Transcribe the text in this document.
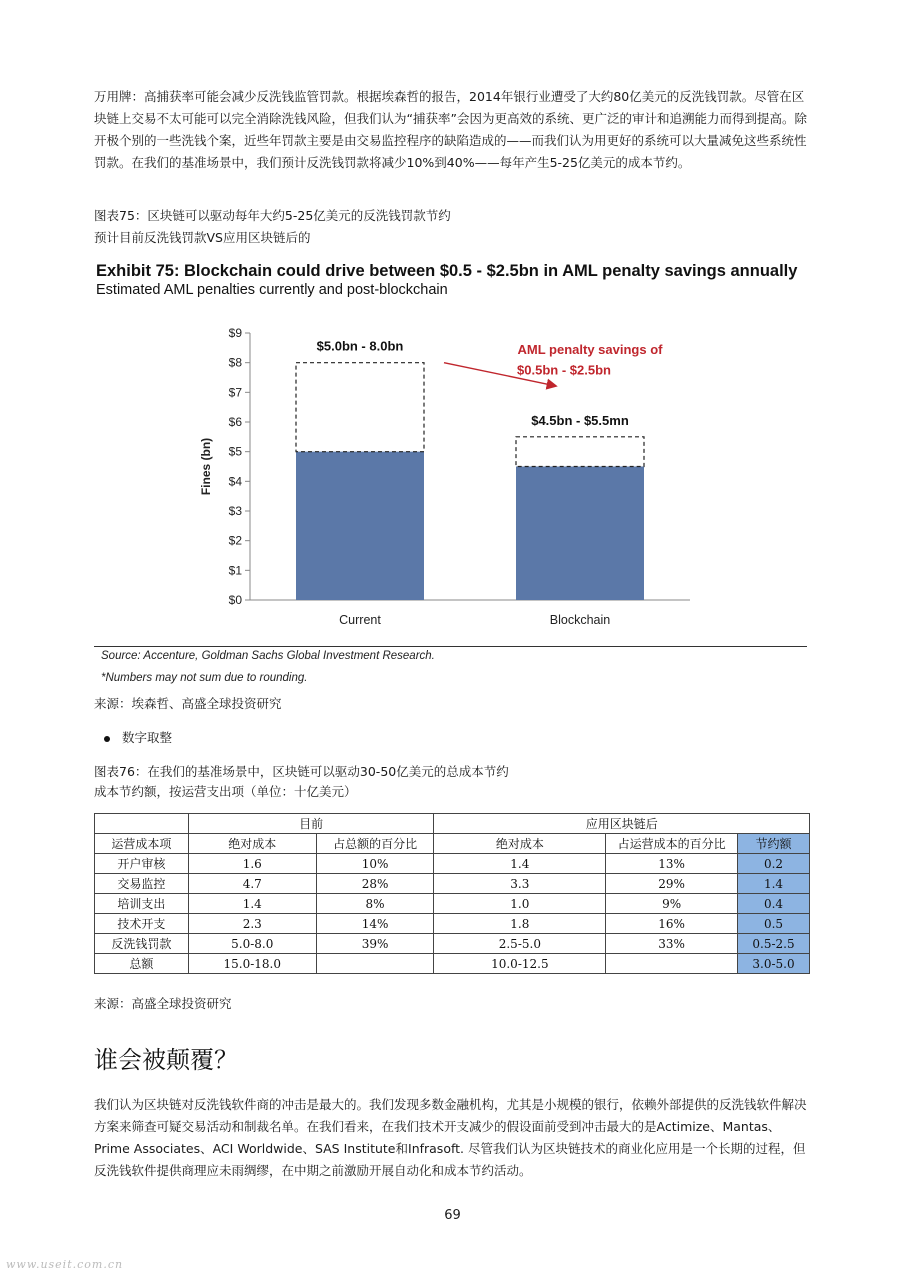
万用牌：高捕获率可能会减少反洗钱监管罚款。根据埃森哲的报告，2014年银行业遭受了大约80亿美元的反洗钱罚款。尽管在区块链上交易不太可能可以完全消除洗钱风险，但我们认为“捕获率”会因为更高效的系统、更广泛的审计和追溯能力而得到提高。除开极个别的一些洗钱个案，近些年罚款主要是由交易监控程序的缺陷造成的——而我们认为用更好的系统可以大量减免这些系统性罚款。在我们的基准场景中，我们预计反洗钱罚款将减少10%到40%——每年产生5-25亿美元的成本节约。
图表75：区块链可以驱动每年大约5-25亿美元的反洗钱罚款节约
预计目前反洗钱罚款VS应用区块链后的
Exhibit 75: Blockchain could drive between $0.5 - $2.5bn in AML penalty savings annually
Estimated AML penalties currently and post-blockchain
$0
$1
$2
$3
$4
$5
$6
$7
$8
$9
Fines (bn)
Current
$5.0bn - 8.0bn
Blockchain
$4.5bn - $5.5mn
AML penalty savings of
$0.5bn - $2.5bn
Source: Accenture, Goldman Sachs Global Investment Research.
*Numbers may not sum due to rounding.
来源：埃森哲、高盛全球投资研究
数字取整
图表76：在我们的基准场景中，区块链可以驱动30-50亿美元的总成本节约
成本节约额，按运营支出项（单位：十亿美元）
	目前		应用区块链后		
运营成本项	绝对成本	占总额的百分比	绝对成本	占运营成本的百分比	节约额
开户审核	1.6	10%	1.4	13%	0.2
交易监控	4.7	28%	3.3	29%	1.4
培训支出	1.4	8%	1.0	9%	0.4
技术开支	2.3	14%	1.8	16%	0.5
反洗钱罚款	5.0-8.0	39%	2.5-5.0	33%	0.5-2.5
总额	15.0-18.0		10.0-12.5		3.0-5.0
来源：高盛全球投资研究
谁会被颠覆？
我们认为区块链对反洗钱软件商的冲击是最大的。我们发现多数金融机构，尤其是小规模的银行，依赖外部提供的反洗钱软件解决方案来筛查可疑交易活动和制裁名单。在我们看来，在我们技术开支减少的假设面前受到冲击最大的是Actimize、Mantas、Prime Associates、ACI Worldwide、SAS Institute和Infrasoft. 尽管我们认为区块链技术的商业化应用是一个长期的过程，但反洗钱软件提供商理应未雨绸缪，在中期之前激励开展自动化和成本节约活动。
69
www.useit.com.cn
